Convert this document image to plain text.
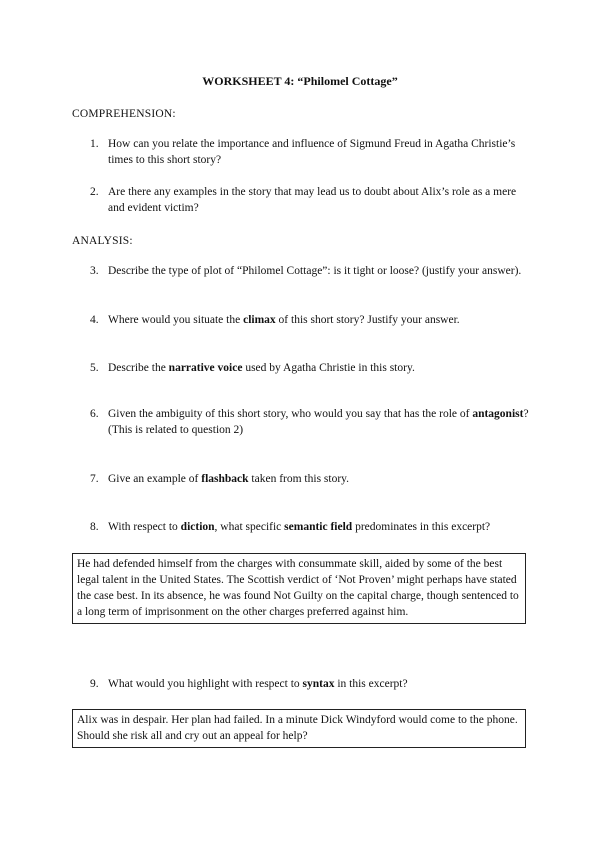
WORKSHEET 4: “Philomel Cottage”
COMPREHENSION:
1. How can you relate the importance and influence of Sigmund Freud in Agatha Christie’s times to this short story?
2. Are there any examples in the story that may lead us to doubt about Alix’s role as a mere and evident victim?
ANALYSIS:
3. Describe the type of plot of “Philomel Cottage”: is it tight or loose? (justify your answer).
4. Where would you situate the climax of this short story? Justify your answer.
5. Describe the narrative voice used by Agatha Christie in this story.
6. Given the ambiguity of this short story, who would you say that has the role of antagonist? (This is related to question 2)
7. Give an example of flashback taken from this story.
8. With respect to diction, what specific semantic field predominates in this excerpt?
He had defended himself from the charges with consummate skill, aided by some of the best legal talent in the United States. The Scottish verdict of ‘Not Proven’ might perhaps have stated the case best. In its absence, he was found Not Guilty on the capital charge, though sentenced to a long term of imprisonment on the other charges preferred against him.
9. What would you highlight with respect to syntax in this excerpt?
Alix was in despair. Her plan had failed. In a minute Dick Windyford would come to the phone. Should she risk all and cry out an appeal for help?
